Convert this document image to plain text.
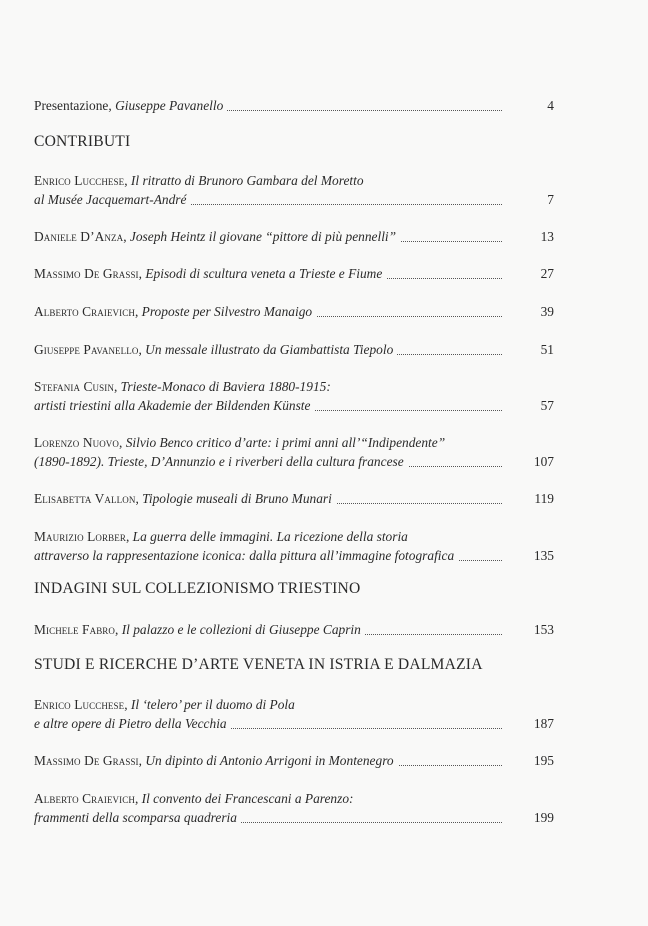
Presentazione, Giuseppe Pavanello	4
CONTRIBUTI
Enrico Lucchese, Il ritratto di Brunoro Gambara del Moretto
al Musée Jacquemart-André	7
Daniele D’Anza, Joseph Heintz il giovane “pittore di più pennelli”	13
Massimo De Grassi, Episodi di scultura veneta a Trieste e Fiume	27
Alberto Craievich, Proposte per Silvestro Manaigo	39
Giuseppe Pavanello, Un messale illustrato da Giambattista Tiepolo	51
Stefania Cusin, Trieste-Monaco di Baviera 1880-1915:
artisti triestini alla Akademie der Bildenden Künste	57
Lorenzo Nuovo, Silvio Benco critico d’arte: i primi anni all’“Indipendente”
(1890-1892). Trieste, D’Annunzio e i riverberi della cultura francese	107
Elisabetta Vallon, Tipologie museali di Bruno Munari	119
Maurizio Lorber, La guerra delle immagini. La ricezione della storia
attraverso la rappresentazione iconica: dalla pittura all’immagine fotografica	135
INDAGINI SUL COLLEZIONISMO TRIESTINO
Michele Fabro, Il palazzo e le collezioni di Giuseppe Caprin	153
STUDI E RICERCHE D’ARTE VENETA IN ISTRIA E DALMAZIA
Enrico Lucchese, Il ‘telero’ per il duomo di Pola
e altre opere di Pietro della Vecchia	187
Massimo De Grassi, Un dipinto di Antonio Arrigoni in Montenegro	195
Alberto Craievich, Il convento dei Francescani a Parenzo:
frammenti della scomparsa quadreria	199
